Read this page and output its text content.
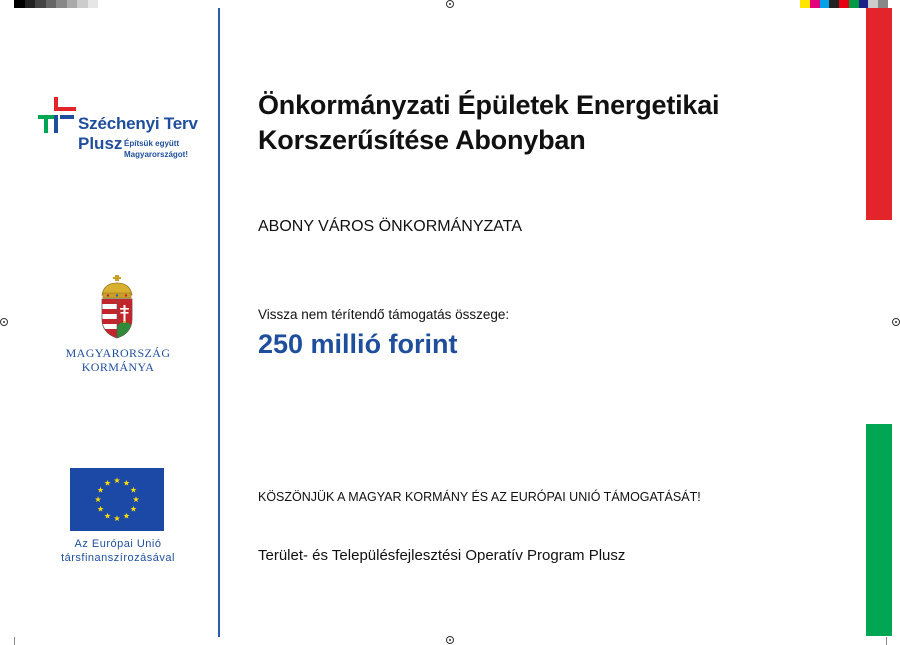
Széchenyi Terv
Plusz Építsük együtt
Magyarországot!
MAGYARORSZÁG
KORMÁNYA
Az Európai Unió
társfinanszírozásával
Önkormányzati Épületek Energetikai
Korszerűsítése Abonyban
ABONY VÁROS ÖNKORMÁNYZATA
Vissza nem térítendő támogatás összege:
250 millió forint
KÖSZÖNJÜK A MAGYAR KORMÁNY ÉS AZ EURÓPAI UNIÓ TÁMOGATÁSÁT!
Terület- és Településfejlesztési Operatív Program Plusz
